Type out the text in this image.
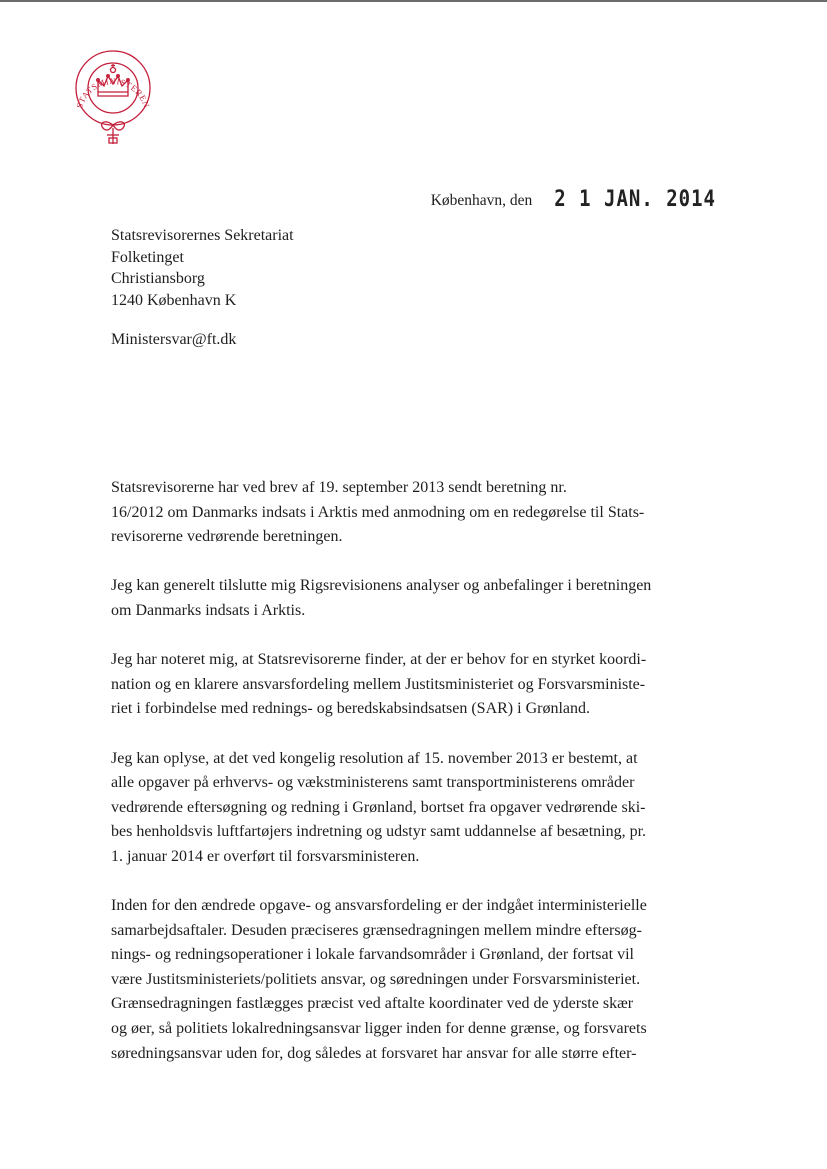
STATSMINISTEREN
København, den 2 1 JAN. 2014
Statsrevisorernes Sekretariat
Folketinget
Christiansborg
1240 København K
Ministersvar@ft.dk

Statsrevisorerne har ved brev af 19. september 2013 sendt beretning nr.
16/2012 om Danmarks indsats i Arktis med anmodning om en redegørelse til Stats-
revisorerne vedrørende beretningen.

Jeg kan generelt tilslutte mig Rigsrevisionens analyser og anbefalinger i beretningen
om Danmarks indsats i Arktis.

Jeg har noteret mig, at Statsrevisorerne finder, at der er behov for en styrket koordi-
nation og en klarere ansvarsfordeling mellem Justitsministeriet og Forsvarsministe-
riet i forbindelse med rednings- og beredskabsindsatsen (SAR) i Grønland.

Jeg kan oplyse, at det ved kongelig resolution af 15. november 2013 er bestemt, at
alle opgaver på erhvervs- og vækstministerens samt transportministerens områder
vedrørende eftersøgning og redning i Grønland, bortset fra opgaver vedrørende ski-
bes henholdsvis luftfartøjers indretning og udstyr samt uddannelse af besætning, pr.
1. januar 2014 er overført til forsvarsministeren.

Inden for den ændrede opgave- og ansvarsfordeling er der indgået interministerielle
samarbejdsaftaler. Desuden præciseres grænsedragningen mellem mindre eftersøg-
nings- og redningsoperationer i lokale farvandsområder i Grønland, der fortsat vil
være Justitsministeriets/politiets ansvar, og søredningen under Forsvarsministeriet.
Grænsedragningen fastlægges præcist ved aftalte koordinater ved de yderste skær
og øer, så politiets lokalredningsansvar ligger inden for denne grænse, og forsvarets
søredningsansvar uden for, dog således at forsvaret har ansvar for alle større efter-
